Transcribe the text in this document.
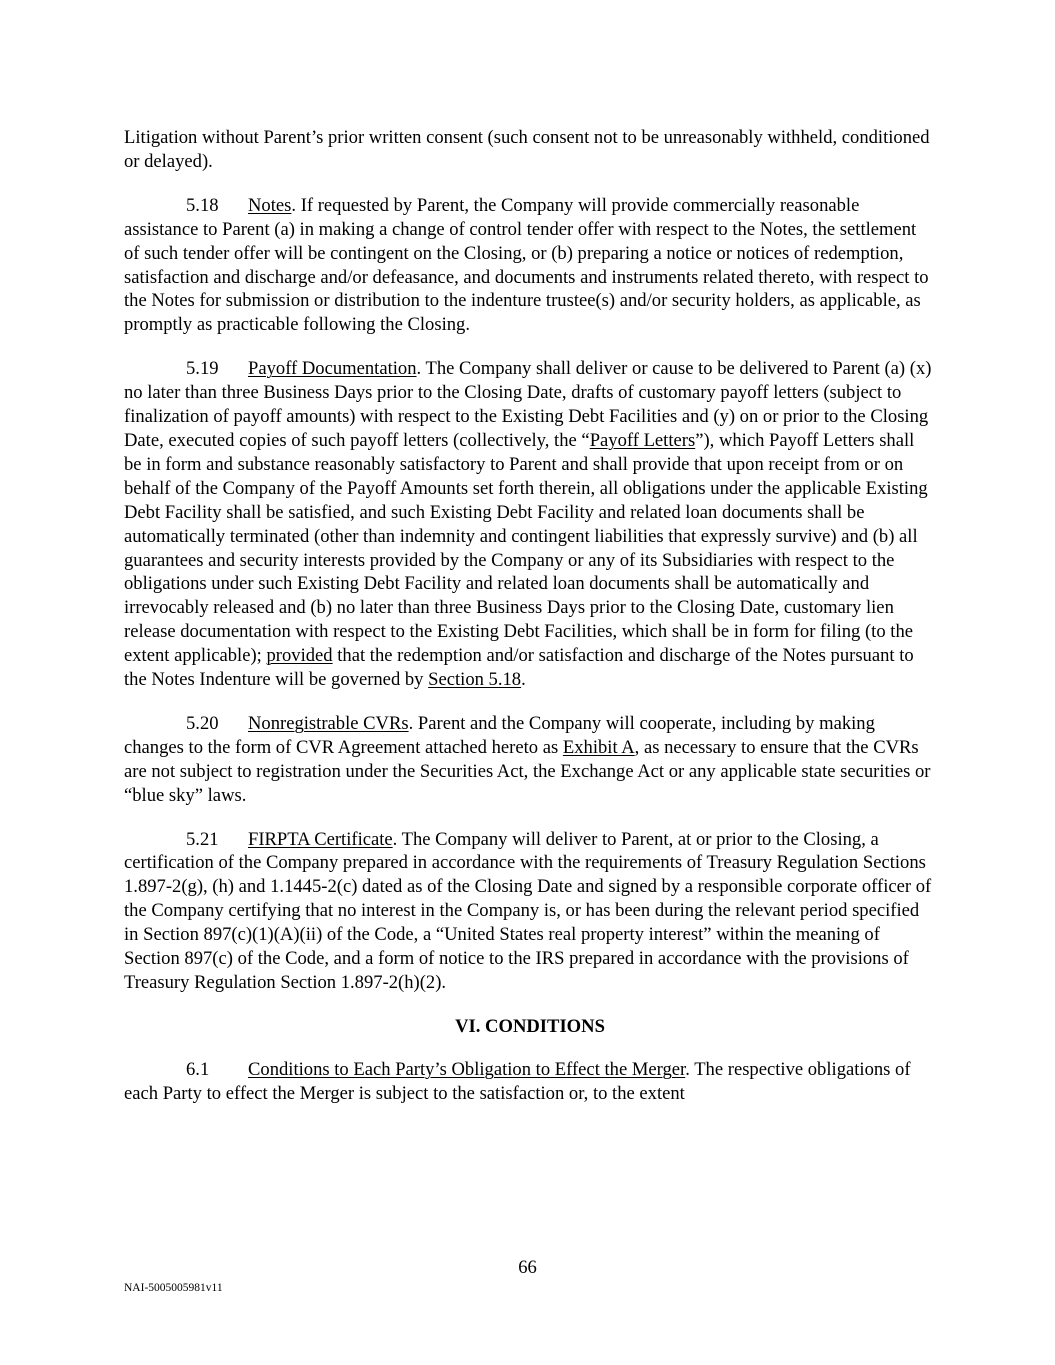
Litigation without Parent’s prior written consent (such consent not to be unreasonably withheld, conditioned or delayed).

5.18 Notes. If requested by Parent, the Company will provide commercially reasonable assistance to Parent (a) in making a change of control tender offer with respect to the Notes, the settlement of such tender offer will be contingent on the Closing, or (b) preparing a notice or notices of redemption, satisfaction and discharge and/or defeasance, and documents and instruments related thereto, with respect to the Notes for submission or distribution to the indenture trustee(s) and/or security holders, as applicable, as promptly as practicable following the Closing.

5.19 Payoff Documentation. The Company shall deliver or cause to be delivered to Parent (a) (x) no later than three Business Days prior to the Closing Date, drafts of customary payoff letters (subject to finalization of payoff amounts) with respect to the Existing Debt Facilities and (y) on or prior to the Closing Date, executed copies of such payoff letters (collectively, the “Payoff Letters”), which Payoff Letters shall be in form and substance reasonably satisfactory to Parent and shall provide that upon receipt from or on behalf of the Company of the Payoff Amounts set forth therein, all obligations under the applicable Existing Debt Facility shall be satisfied, and such Existing Debt Facility and related loan documents shall be automatically terminated (other than indemnity and contingent liabilities that expressly survive) and (b) all guarantees and security interests provided by the Company or any of its Subsidiaries with respect to the obligations under such Existing Debt Facility and related loan documents shall be automatically and irrevocably released and (b) no later than three Business Days prior to the Closing Date, customary lien release documentation with respect to the Existing Debt Facilities, which shall be in form for filing (to the extent applicable); provided that the redemption and/or satisfaction and discharge of the Notes pursuant to the Notes Indenture will be governed by Section 5.18.

5.20 Nonregistrable CVRs. Parent and the Company will cooperate, including by making changes to the form of CVR Agreement attached hereto as Exhibit A, as necessary to ensure that the CVRs are not subject to registration under the Securities Act, the Exchange Act or any applicable state securities or “blue sky” laws.

5.21 FIRPTA Certificate. The Company will deliver to Parent, at or prior to the Closing, a certification of the Company prepared in accordance with the requirements of Treasury Regulation Sections 1.897-2(g), (h) and 1.1445-2(c) dated as of the Closing Date and signed by a responsible corporate officer of the Company certifying that no interest in the Company is, or has been during the relevant period specified in Section 897(c)(1)(A)(ii) of the Code, a “United States real property interest” within the meaning of Section 897(c) of the Code, and a form of notice to the IRS prepared in accordance with the provisions of Treasury Regulation Section 1.897-2(h)(2).

VI. CONDITIONS

6.1 Conditions to Each Party’s Obligation to Effect the Merger. The respective obligations of each Party to effect the Merger is subject to the satisfaction or, to the extent

66
NAI-5005005981v11
